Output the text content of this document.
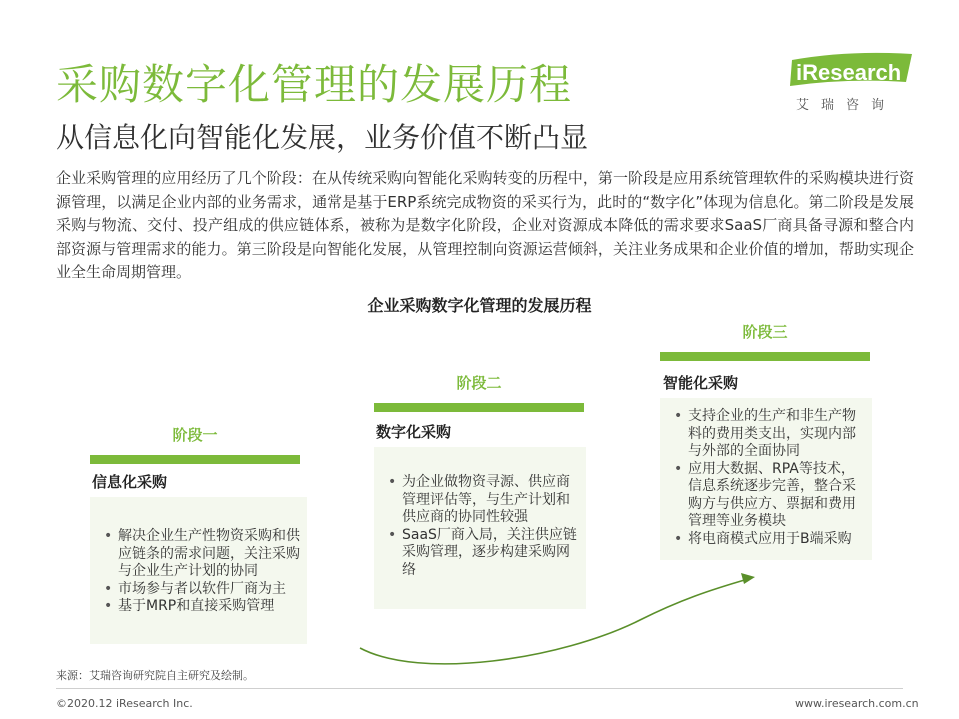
采购数字化管理的发展历程
从信息化向智能化发展，业务价值不断凸显
iResearch
艾瑞咨询
企业采购管理的应用经历了几个阶段：在从传统采购向智能化采购转变的历程中，第一阶段是应用系统管理软件的采购模块进行资源管理，以满足企业内部的业务需求，通常是基于ERP系统完成物资的采买行为，此时的“数字化”体现为信息化。第二阶段是发展采购与物流、交付、投产组成的供应链体系，被称为是数字化阶段，企业对资源成本降低的需求要求SaaS厂商具备寻源和整合内部资源与管理需求的能力。第三阶段是向智能化发展，从管理控制向资源运营倾斜，关注业务成果和企业价值的增加，帮助实现企业全生命周期管理。
企业采购数字化管理的发展历程
阶段一
信息化采购
• 解决企业生产性物资采购和供应链条的需求问题，关注采购与企业生产计划的协同
• 市场参与者以软件厂商为主
• 基于MRP和直接采购管理
阶段二
数字化采购
• 为企业做物资寻源、供应商管理评估等，与生产计划和供应商的协同性较强
• SaaS厂商入局，关注供应链采购管理，逐步构建采购网络
阶段三
智能化采购
• 支持企业的生产和非生产物料的费用类支出，实现内部与外部的全面协同
• 应用大数据、RPA等技术，信息系统逐步完善，整合采购方与供应方、票据和费用管理等业务模块
• 将电商模式应用于B端采购
来源：艾瑞咨询研究院自主研究及绘制。
©2020.12 iResearch Inc.	www.iresearch.com.cn
